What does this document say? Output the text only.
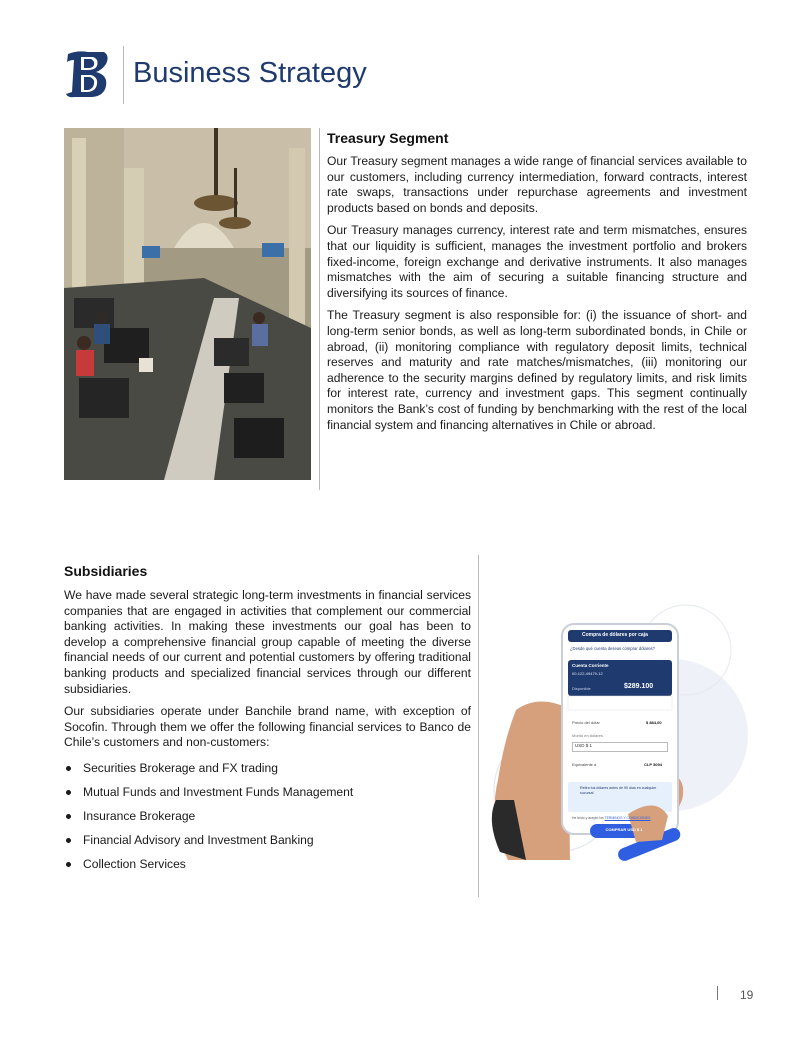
Business Strategy
Treasury Segment

Our Treasury segment manages a wide range of financial services available to our customers, including currency intermediation, forward contracts, interest rate swaps, transactions under repurchase agreements and investment products based on bonds and deposits.

Our Treasury manages currency, interest rate and term mismatches, ensures that our liquidity is sufficient, manages the investment portfolio and brokers fixed-income, foreign exchange and derivative instruments. It also manages mismatches with the aim of securing a suitable financing structure and diversifying its sources of finance.

The Treasury segment is also responsible for: (i) the issuance of short- and long-term senior bonds, as well as long-term subordinated bonds, in Chile or abroad, (ii) monitoring compliance with regulatory deposit limits, technical reserves and maturity and rate matches/mismatches, (iii) monitoring our adherence to the security margins defined by regulatory limits, and risk limits for interest rate, currency and investment gaps. This segment continually monitors the Bank’s cost of funding by benchmarking with the rest of the local financial system and financing alternatives in Chile or abroad.

Subsidiaries

We have made several strategic long-term investments in financial services companies that are engaged in activities that complement our commercial banking activities. In making these investments our goal has been to develop a comprehensive financial group capable of meeting the diverse financial needs of our current and potential customers by offering traditional banking products and specialized financial services through our different subsidiaries.

Our subsidiaries operate under Banchile brand name, with exception of Socofin. Through them we offer the following financial services to Banco de Chile’s customers and non-customers:

Securities Brokerage and FX trading
Mutual Funds and Investment Funds Management
Insurance Brokerage
Financial Advisory and Investment Banking
Collection Services
Compra de dólares por caja
¿Desde qué cuenta deseas comprar dólares?
Cuenta Corriente
00-122-49479-12
Disponible	$289.100
Precio del dólar	$ 884,00
Monto en dólares
USD $ 1
Equivalente a	CLP 3094
Retira tus dólares antes de 90 días en cualquier sucursal
He leído y acepto los TÉRMINOS Y CONDICIONES
COMPRAR USD $ 1
19
